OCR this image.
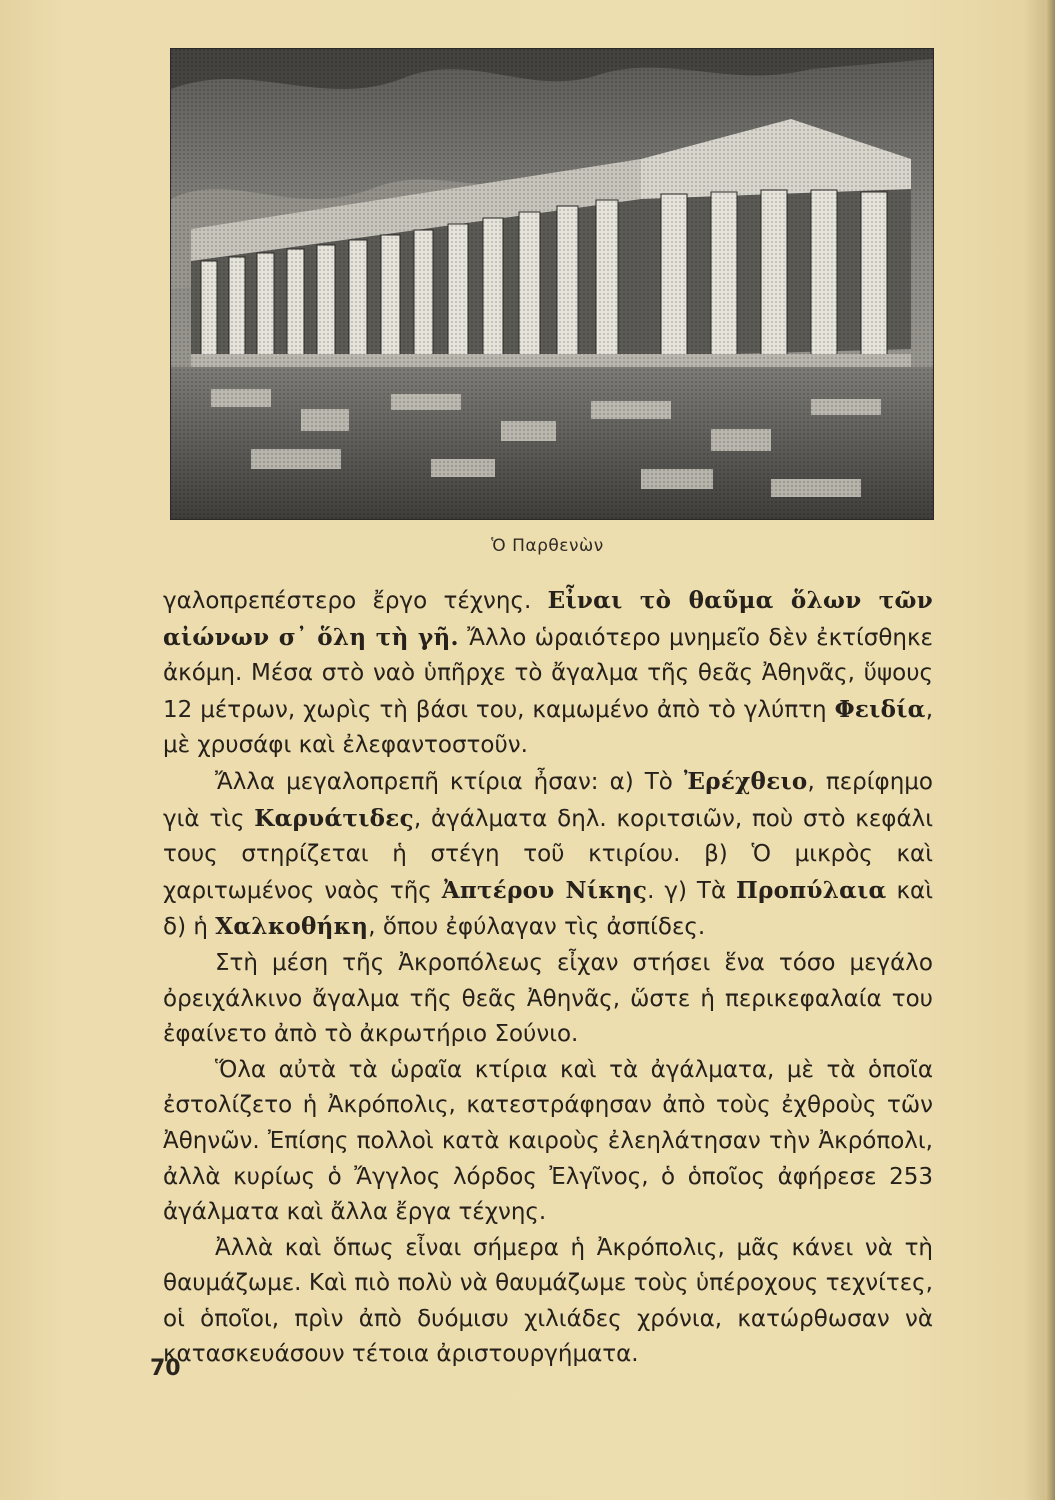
Ὁ Παρθενὼν

γαλοπρεπέστερο ἔργο τέχνης. Εἶναι τὸ θαῦμα ὅλων τῶν αἰώνων σ᾽ ὅλη τὴ γῆ. Ἄλλο ὡραιότερο μνημεῖο δὲν ἐκτίσθηκε ἀκόμη. Μέσα στὸ ναὸ ὑπῆρχε τὸ ἄγαλμα τῆς θεᾶς Ἀθηνᾶς, ὕψους 12 μέτρων, χωρὶς τὴ βάσι του, καμωμένο ἀπὸ τὸ γλύπτη Φειδία, μὲ χρυσάφι καὶ ἐλεφαντοστοῦν.

Ἄλλα μεγαλοπρεπῆ κτίρια ἦσαν: α) Τὸ Ἐρέχθειο, περίφημο γιὰ τὶς Καρυάτιδες, ἀγάλματα δηλ. κοριτσιῶν, ποὺ στὸ κεφάλι τους στηρίζεται ἡ στέγη τοῦ κτιρίου. β) Ὁ μικρὸς καὶ χαριτωμένος ναὸς τῆς Ἀπτέρου Νίκης. γ) Τὰ Προπύλαια καὶ δ) ἡ Χαλκοθήκη, ὅπου ἐφύλαγαν τὶς ἀσπίδες.

Στὴ μέση τῆς Ἀκροπόλεως εἶχαν στήσει ἕνα τόσο μεγάλο ὀρειχάλκινο ἄγαλμα τῆς θεᾶς Ἀθηνᾶς, ὥστε ἡ περικεφαλαία του ἐφαίνετο ἀπὸ τὸ ἀκρωτήριο Σούνιο.

Ὅλα αὐτὰ τὰ ὡραῖα κτίρια καὶ τὰ ἀγάλματα, μὲ τὰ ὁποῖα ἐστολίζετο ἡ Ἀκρόπολις, κατεστράφησαν ἀπὸ τοὺς ἐχθροὺς τῶν Ἀθηνῶν. Ἐπίσης πολλοὶ κατὰ καιροὺς ἐλεηλάτησαν τὴν Ἀκρόπολι, ἀλλὰ κυρίως ὁ Ἄγγλος λόρδος Ἐλγῖνος, ὁ ὁποῖος ἀφήρεσε 253 ἀγάλματα καὶ ἄλλα ἔργα τέχνης.

Ἀλλὰ καὶ ὅπως εἶναι σήμερα ἡ Ἀκρόπολις, μᾶς κάνει νὰ τὴ θαυμάζωμε. Καὶ πιὸ πολὺ νὰ θαυμάζωμε τοὺς ὑπέροχους τεχνίτες, οἱ ὁποῖοι, πρὶν ἀπὸ δυόμισυ χιλιάδες χρόνια, κατώρθωσαν νὰ κατασκευάσουν τέτοια ἀριστουργήματα.

70
